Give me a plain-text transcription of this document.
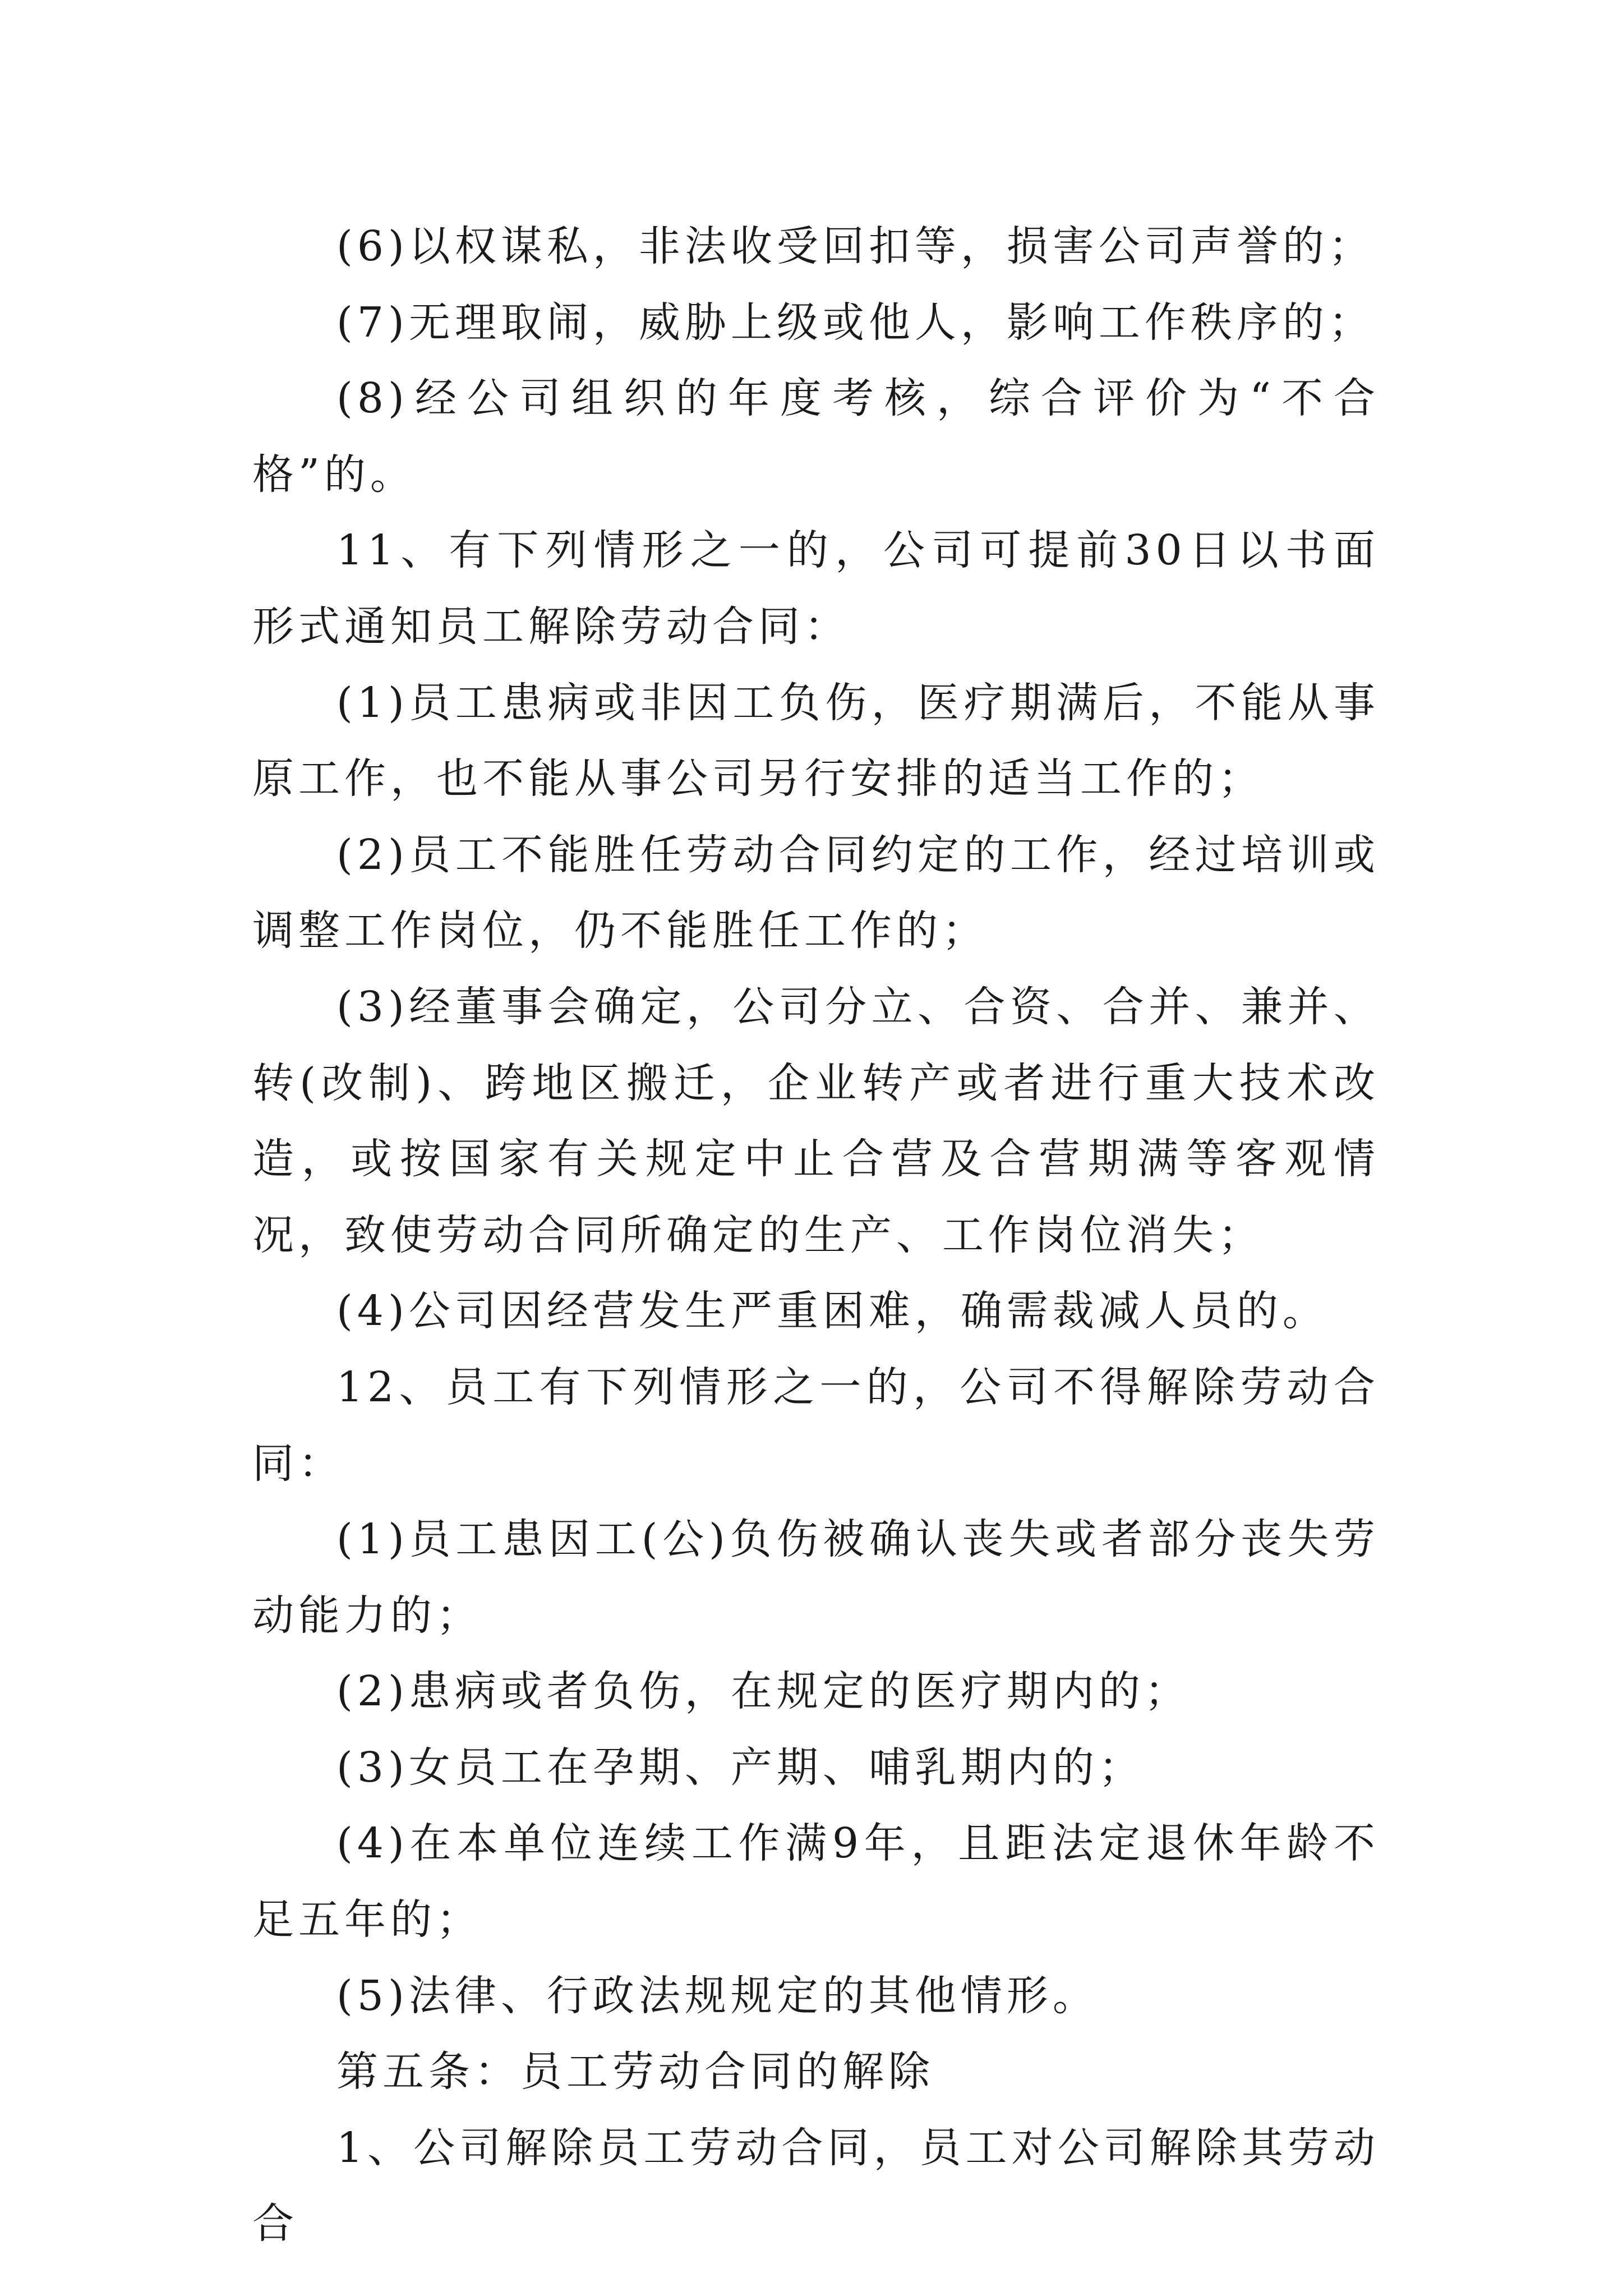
(6)以权谋私，非法收受回扣等，损害公司声誉的；

(7)无理取闹，威胁上级或他人，影响工作秩序的；

(8)经公司组织的年度考核，综合评价为“不合格”的。

11、有下列情形之一的，公司可提前30日以书面形式通知员工解除劳动合同：

(1)员工患病或非因工负伤，医疗期满后，不能从事原工作，也不能从事公司另行安排的适当工作的；

(2)员工不能胜任劳动合同约定的工作，经过培训或调整工作岗位，仍不能胜任工作的；

(3)经董事会确定，公司分立、合资、合并、兼并、转(改制)、跨地区搬迁，企业转产或者进行重大技术改造，或按国家有关规定中止合营及合营期满等客观情况，致使劳动合同所确定的生产、工作岗位消失；

(4)公司因经营发生严重困难，确需裁减人员的。

12、员工有下列情形之一的，公司不得解除劳动合同：

(1)员工患因工(公)负伤被确认丧失或者部分丧失劳动能力的；

(2)患病或者负伤，在规定的医疗期内的；

(3)女员工在孕期、产期、哺乳期内的；

(4)在本单位连续工作满9年，且距法定退休年龄不足五年的；

(5)法律、行政法规规定的其他情形。

第五条：员工劳动合同的解除

1、公司解除员工劳动合同，员工对公司解除其劳动合
